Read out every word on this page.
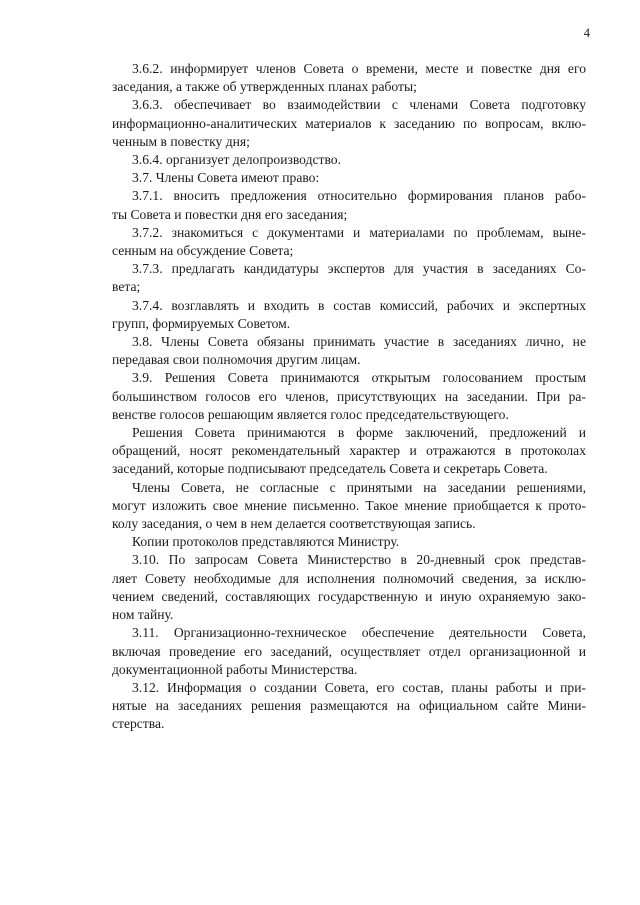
4
3.6.2. информирует членов Совета о времени, месте и повестке дня его
заседания, а также об утвержденных планах работы;
3.6.3. обеспечивает во взаимодействии с членами Совета подготовку
информационно-аналитических материалов к заседанию по вопросам, вклю-
ченным в повестку дня;
3.6.4. организует делопроизводство.
3.7. Члены Совета имеют право:
3.7.1. вносить предложения относительно формирования планов рабо-
ты Совета и повестки дня его заседания;
3.7.2. знакомиться с документами и материалами по проблемам, выне-
сенным на обсуждение Совета;
3.7.3. предлагать кандидатуры экспертов для участия в заседаниях Со-
вета;
3.7.4. возглавлять и входить в состав комиссий, рабочих и экспертных
групп, формируемых Советом.
3.8. Члены Совета обязаны принимать участие в заседаниях лично, не
передавая свои полномочия другим лицам.
3.9. Решения Совета принимаются открытым голосованием простым
большинством голосов его членов, присутствующих на заседании. При ра-
венстве голосов решающим является голос председательствующего.
Решения Совета принимаются в форме заключений, предложений и
обращений, носят рекомендательный характер и отражаются в протоколах
заседаний, которые подписывают председатель Совета и секретарь Совета.
Члены Совета, не согласные с принятыми на заседании решениями,
могут изложить свое мнение письменно. Такое мнение приобщается к прото-
колу заседания, о чем в нем делается соответствующая запись.
Копии протоколов представляются Министру.
3.10. По запросам Совета Министерство в 20-дневный срок представ-
ляет Совету необходимые для исполнения полномочий сведения, за исклю-
чением сведений, составляющих государственную и иную охраняемую зако-
ном тайну.
3.11. Организационно-техническое обеспечение деятельности Совета,
включая проведение его заседаний, осуществляет отдел организационной и
документационной работы Министерства.
3.12. Информация о создании Совета, его состав, планы работы и при-
нятые на заседаниях решения размещаются на официальном сайте Мини-
стерства.
